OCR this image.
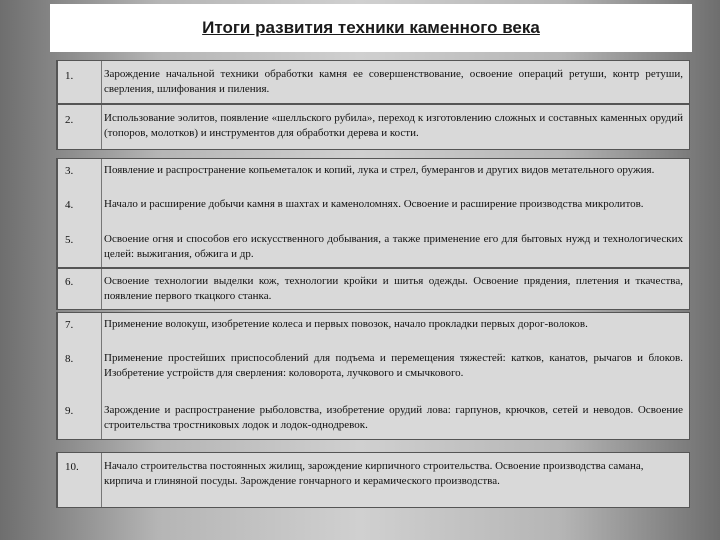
Итоги развития техники каменного века
1.	Зарождение начальной техники обработки камня ее совершенствование, освоение операций ретуши, контр ретуши, сверления, шлифования и пиления.

2.	Использование эолитов, появление «шелльского рубила», переход к изготовлению сложных и составных каменных орудий (топоров, молотков) и инструментов для обработки дерева и кости.

3.	Появление и распространение копьеметалок и копий, лука и стрел, бумерангов и других видов метательного оружия.

4.	Начало и расширение добычи камня в шахтах и каменоломнях. Освоение и расширение производства микролитов.

5.	Освоение огня и способов его искусственного добывания, а также применение его для бытовых нужд и технологических целей: выжигания, обжига и др.

6.	Освоение технологии выделки кож, технологии кройки и шитья одежды. Освоение прядения, плетения и ткачества, появление первого ткацкого станка.

7.	Применение волокуш, изобретение колеса и первых повозок, начало прокладки первых дорог-волоков.

8.	Применение простейших приспособлений для подъема и перемещения тяжестей: катков, канатов, рычагов и блоков. Изобретение устройств для сверления: коловорота, лучкового и смычкового.

9.	Зарождение и распространение рыболовства, изобретение орудий лова: гарпунов, крючков, сетей и неводов. Освоение строительства тростниковых лодок и лодок-однодревок.

10. Начало строительства постоянных жилищ, зарождение кирпичного строительства. Освоение производства самана, кирпича и глиняной посуды. Зарождение гончарного и керамического производства.
